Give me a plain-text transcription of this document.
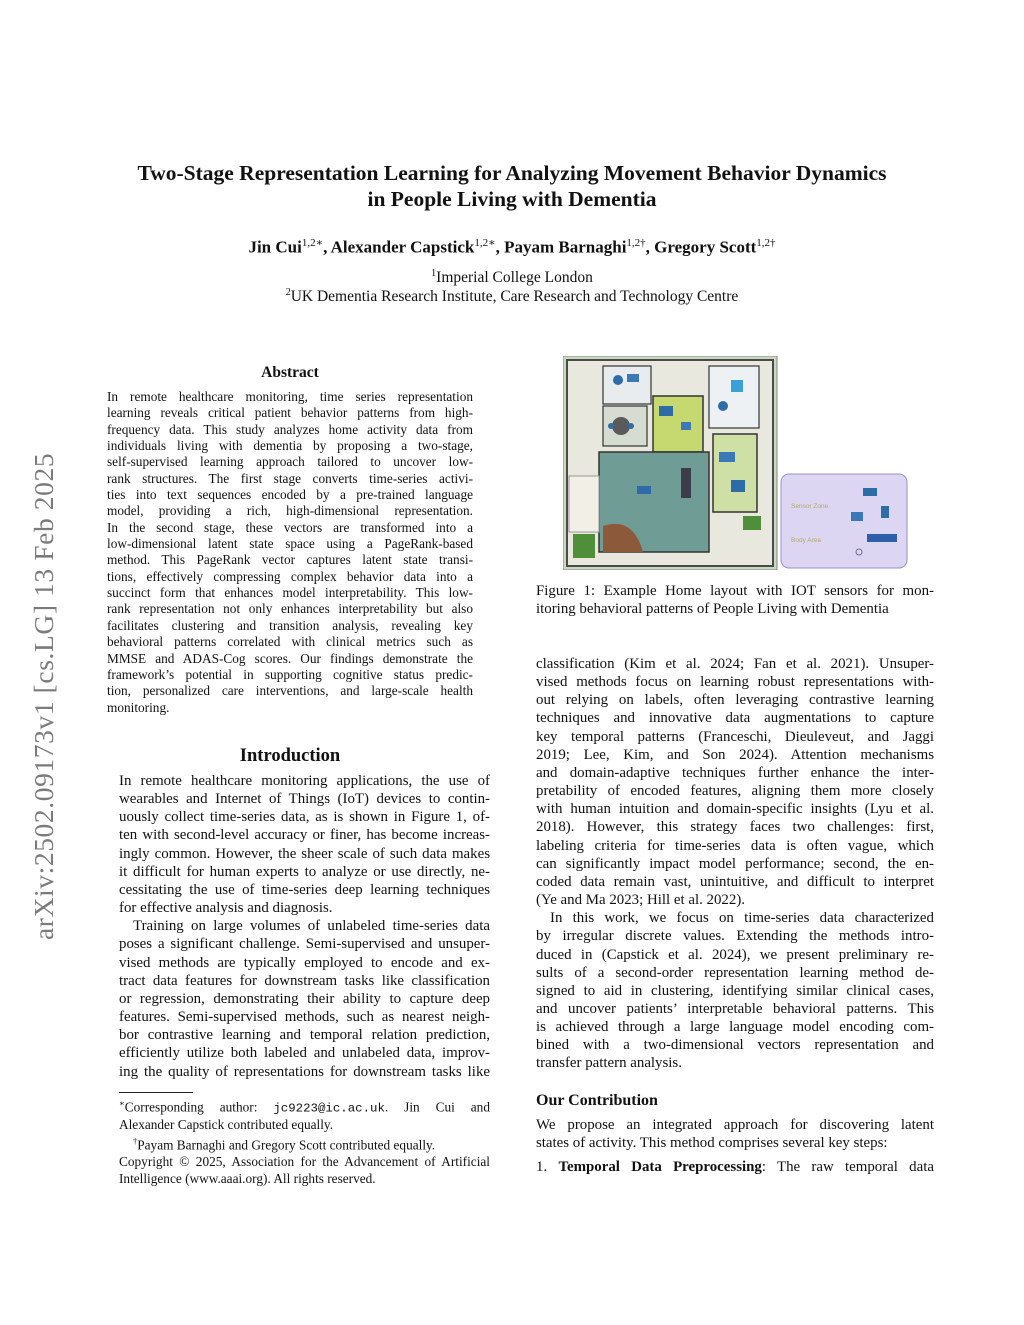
arXiv:2502.09173v1 [cs.LG] 13 Feb 2025
Two-Stage Representation Learning for Analyzing Movement Behavior Dynamics
in People Living with Dementia
Jin Cui$^{1,2∗}$, Alexander Capstick$^{1,2∗}$, Payam Barnaghi$^{1,2\dagger}$, Gregory Scott$^{1,2\dagger}$
$^1$Imperial College London
$^2$UK Dementia Research Institute, Care Research and Technology Centre
Abstract
In remote healthcare monitoring, time series representation
learning reveals critical patient behavior patterns from high-
frequency data. This study analyzes home activity data from
individuals living with dementia by proposing a two-stage,
self-supervised learning approach tailored to uncover low-
rank structures. The first stage converts time-series activi-
ties into text sequences encoded by a pre-trained language
model, providing a rich, high-dimensional representation.
In the second stage, these vectors are transformed into a
low-dimensional latent state space using a PageRank-based
method. This PageRank vector captures latent state transi-
tions, effectively compressing complex behavior data into a
succinct form that enhances model interpretability. This low-
rank representation not only enhances interpretability but also
facilitates clustering and transition analysis, revealing key
behavioral patterns correlated with clinical metrics such as
MMSE and ADAS-Cog scores. Our findings demonstrate the
framework’s potential in supporting cognitive status predic-
tion, personalized care interventions, and large-scale health
monitoring.
Introduction
In remote healthcare monitoring applications, the use of
wearables and Internet of Things (IoT) devices to contin-
uously collect time-series data, as is shown in Figure 1, of-
ten with second-level accuracy or finer, has become increas-
ingly common. However, the sheer scale of such data makes
it difficult for human experts to analyze or use directly, ne-
cessitating the use of time-series deep learning techniques
for effective analysis and diagnosis.
Training on large volumes of unlabeled time-series data
poses a significant challenge. Semi-supervised and unsuper-
vised methods are typically employed to encode and ex-
tract data features for downstream tasks like classification
or regression, demonstrating their ability to capture deep
features. Semi-supervised methods, such as nearest neigh-
bor contrastive learning and temporal relation prediction,
efficiently utilize both labeled and unlabeled data, improv-
ing the quality of representations for downstream tasks like
∗Corresponding author: jc9223@ic.ac.uk. Jin Cui and
Alexander Capstick contributed equally.
†Payam Barnaghi and Gregory Scott contributed equally.
Copyright © 2025, Association for the Advancement of Artificial
Intelligence (www.aaai.org). All rights reserved.
Sensor Zone
Body Area
Figure 1: Example Home layout with IOT sensors for mon-
itoring behavioral patterns of People Living with Dementia
classification (Kim et al. 2024; Fan et al. 2021). Unsuper-
vised methods focus on learning robust representations with-
out relying on labels, often leveraging contrastive learning
techniques and innovative data augmentations to capture
key temporal patterns (Franceschi, Dieuleveut, and Jaggi
2019; Lee, Kim, and Son 2024). Attention mechanisms
and domain-adaptive techniques further enhance the inter-
pretability of encoded features, aligning them more closely
with human intuition and domain-specific insights (Lyu et al.
2018). However, this strategy faces two challenges: first,
labeling criteria for time-series data is often vague, which
can significantly impact model performance; second, the en-
coded data remain vast, unintuitive, and difficult to interpret
(Ye and Ma 2023; Hill et al. 2022).
In this work, we focus on time-series data characterized
by irregular discrete values. Extending the methods intro-
duced in (Capstick et al. 2024), we present preliminary re-
sults of a second-order representation learning method de-
signed to aid in clustering, identifying similar clinical cases,
and uncover patients’ interpretable behavioral patterns. This
is achieved through a large language model encoding com-
bined with a two-dimensional vectors representation and
transfer pattern analysis.
Our Contribution
We propose an integrated approach for discovering latent
states of activity. This method comprises several key steps:
1. Temporal Data Preprocessing: The raw temporal data
